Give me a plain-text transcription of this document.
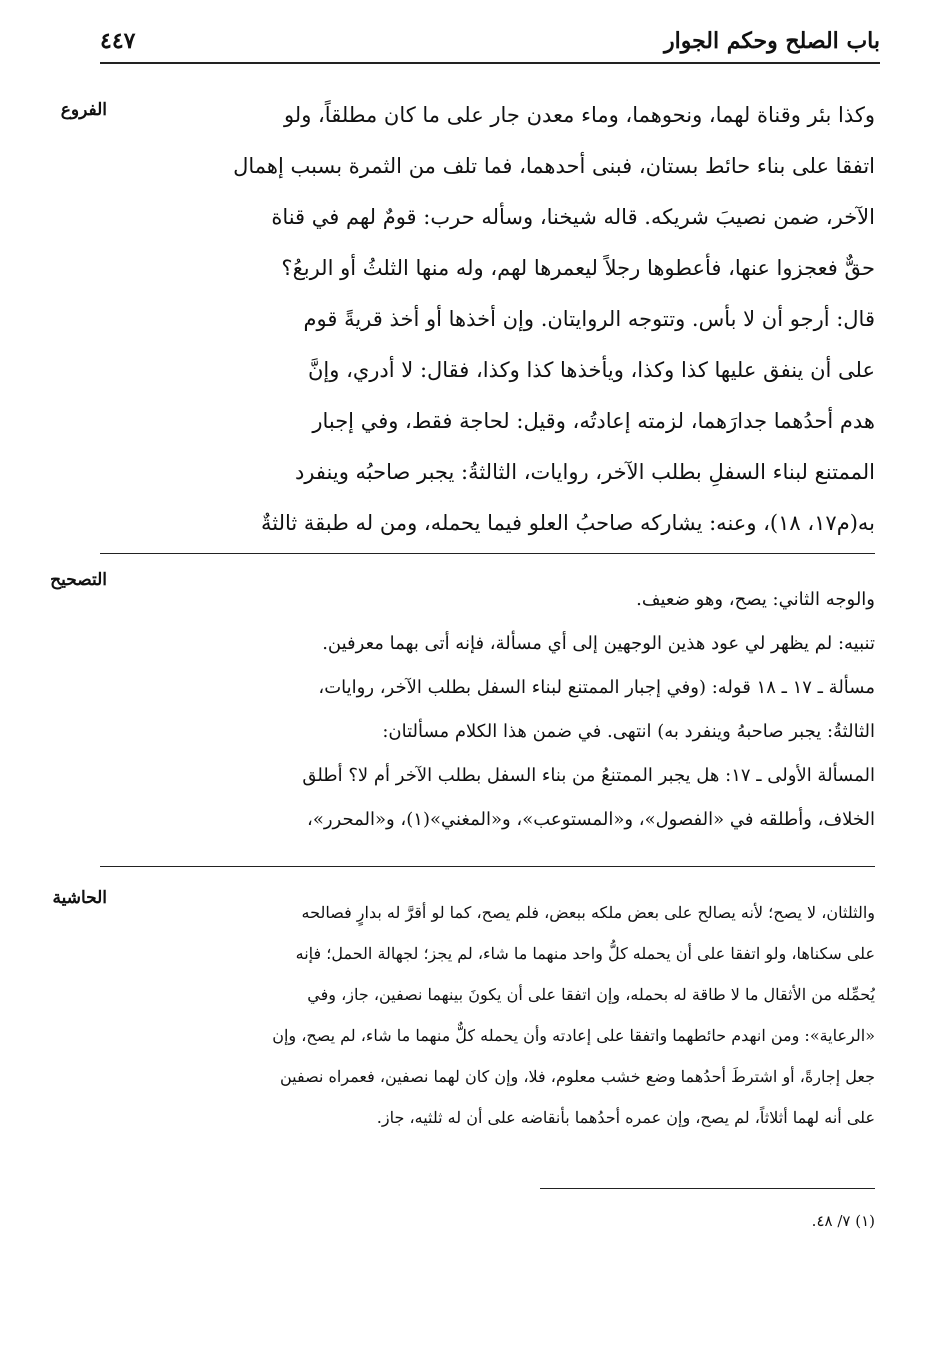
باب الصلح وحكم الجوار
٤٤٧
الفروع	وكذا بئر وقناة لهما، ونحوهما، وماء معدن جار على ما كان مطلقاً، ولو
اتفقا على بناء حائط بستان، فبنى أحدهما، فما تلف من الثمرة بسبب إهمال
الآخر، ضمن نصيبَ شريكه. قاله شيخنا، وسأله حرب: قومٌ لهم في قناة
حقٌّ فعجزوا عنها، فأعطوها رجلاً ليعمرها لهم، وله منها الثلثُ أو الربعُ؟
قال: أرجو أن لا بأس. وتتوجه الروايتان. وإن أخذها أو أخذ قريةً قوم
على أن ينفق عليها كذا وكذا، ويأخذها كذا وكذا، فقال: لا أدري، وإنَّ
هدم أحدُهما جدارَهما، لزمته إعادتُه، وقيل: لحاجة فقط، وفي إجبار
الممتنع لبناء السفلِ بطلب الآخر، روايات، الثالثةُ: يجبر صاحبُه وينفرد
به(م١٧، ١٨)، وعنه: يشاركه صاحبُ العلو فيما يحمله، ومن له طبقة ثالثةٌ
التصحيح
والوجه الثاني: يصح، وهو ضعيف.
تنبيه: لم يظهر لي عود هذين الوجهين إلى أي مسألة، فإنه أتى بهما معرفين.
مسألة ـ ١٧ ـ ١٨ قوله: (وفي إجبار الممتنع لبناء السفل بطلب الآخر، روايات،
الثالثةُ: يجبر صاحبهُ وينفرد به) انتهى. في ضمن هذا الكلام مسألتان:
المسألة الأولى ـ ١٧: هل يجبر الممتنعُ من بناء السفل بطلب الآخر أم لا؟ أطلق
الخلاف، وأطلقه في «الفصول»، و«المستوعب»، و«المغني»(١)، و«المحرر»،
الحاشية
والثلثان، لا يصح؛ لأنه يصالح على بعض ملكه ببعض، فلم يصح، كما لو أقرَّ له بدارٍ فصالحه
على سكناها، ولو اتفقا على أن يحمله كلُّ واحد منهما ما شاء، لم يجز؛ لجهالة الحمل؛ فإنه
يُحمِّله من الأثقال ما لا طاقة له بحمله، وإن اتفقا على أن يكونَ بينهما نصفين، جاز، وفي
«الرعاية»: ومن انهدم حائطهما واتفقا على إعادته وأن يحمله كلٌّ منهما ما شاء، لم يصح، وإن
جعل إجارةً، أو اشترطَ أحدُهما وضع خشب معلوم، فلا، وإن كان لهما نصفين، فعمراه نصفين
على أنه لهما أثلاثاً، لم يصح، وإن عمره أحدُهما بأنقاضه على أن له ثلثيه، جاز.
(١) ٧/ ٤٨.
